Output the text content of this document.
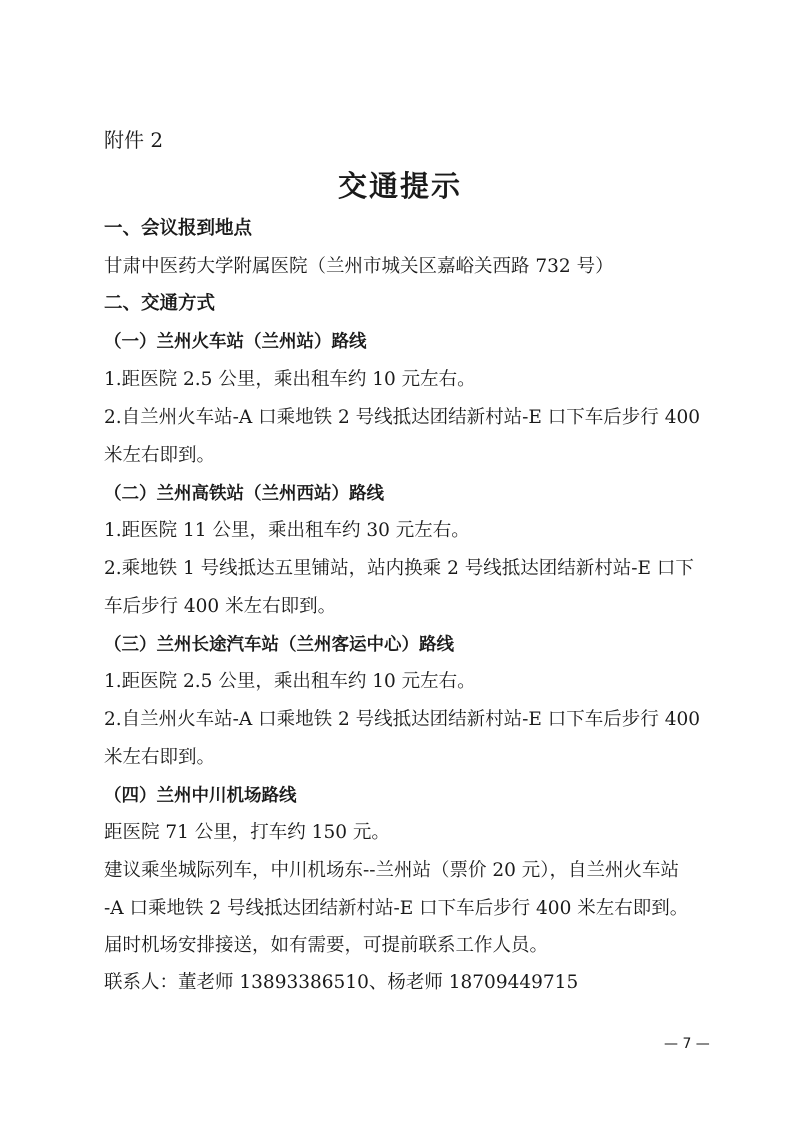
附件 2
交通提示
一、会议报到地点
甘肃中医药大学附属医院（兰州市城关区嘉峪关西路 732 号）
二、交通方式
（一）兰州火车站（兰州站）路线
1.距医院 2.5 公里，乘出租车约 10 元左右。
2.自兰州火车站-A 口乘地铁 2 号线抵达团结新村站-E 口下车后步行 400
米左右即到。
（二）兰州高铁站（兰州西站）路线
1.距医院 11 公里，乘出租车约 30 元左右。
2.乘地铁 1 号线抵达五里铺站，站内换乘 2 号线抵达团结新村站-E 口下
车后步行 400 米左右即到。
（三）兰州长途汽车站（兰州客运中心）路线
1.距医院 2.5 公里，乘出租车约 10 元左右。
2.自兰州火车站-A 口乘地铁 2 号线抵达团结新村站-E 口下车后步行 400
米左右即到。
（四）兰州中川机场路线
距医院 71 公里，打车约 150 元。
建议乘坐城际列车，中川机场东--兰州站（票价 20 元），自兰州火车站
-A 口乘地铁 2 号线抵达团结新村站-E 口下车后步行 400 米左右即到。
届时机场安排接送，如有需要，可提前联系工作人员。
联系人：董老师 13893386510、杨老师 18709449715
— 7 —
